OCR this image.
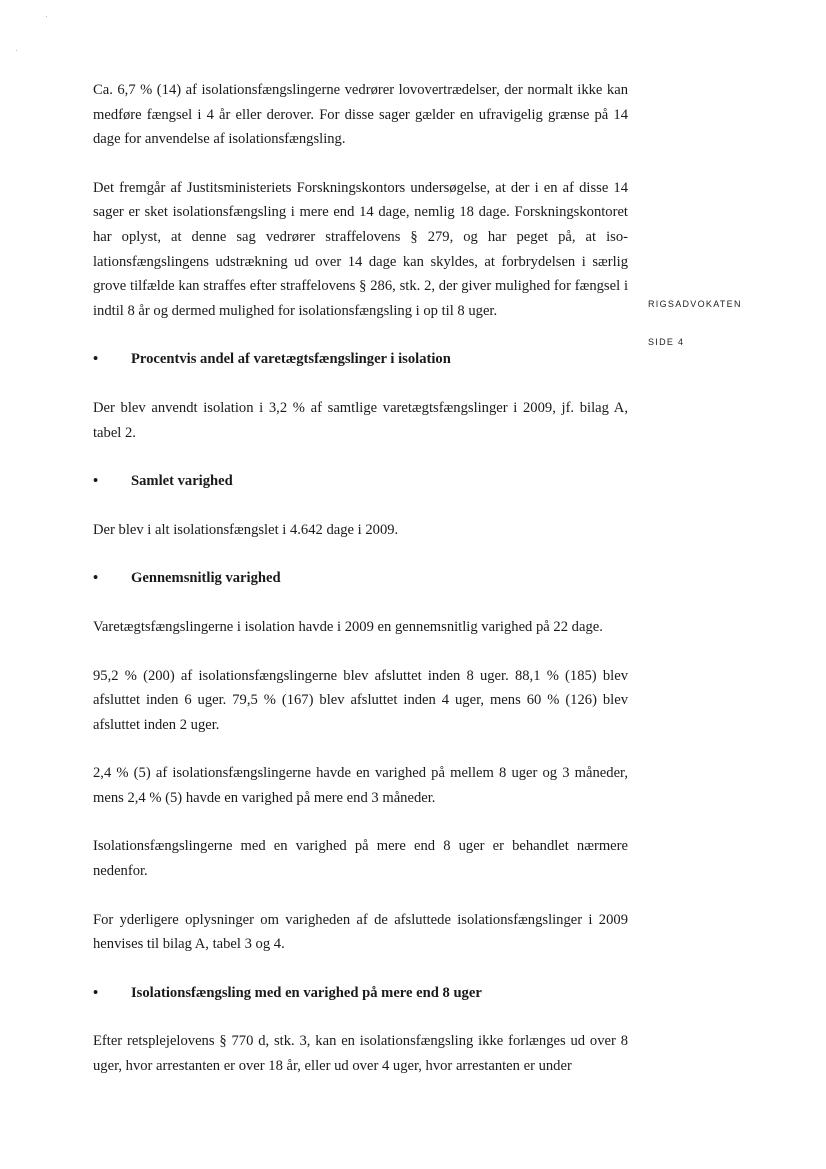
Ca. 6,7 % (14) af isolationsfængslingerne vedrører lovovertrædelser, der normalt ikke kan medføre fængsel i 4 år eller derover. For disse sager gælder en ufravigelig grænse på 14 dage for anvendelse af isolationsfængsling.

Det fremgår af Justitsministeriets Forskningskontors undersøgelse, at der i en af disse 14 sager er sket isolationsfængsling i mere end 14 dage, nemlig 18 dage. Forskningskontoret har oplyst, at denne sag vedrører straffelovens § 279, og har peget på, at isolationsfængslingens udstrækning ud over 14 dage kan skyldes, at forbrydelsen i særlig grove tilfælde kan straffes efter straffelovens § 286, stk. 2, der giver mulighed for fængsel i indtil 8 år og dermed mulighed for isolationsfængsling i op til 8 uger.

•	Procentvis andel af varetægtsfængslinger i isolation

Der blev anvendt isolation i 3,2 % af samtlige varetægtsfængslinger i 2009, jf. bilag A, tabel 2.

•	Samlet varighed

Der blev i alt isolationsfængslet i 4.642 dage i 2009.

•	Gennemsnitlig varighed

Varetægtsfængslingerne i isolation havde i 2009 en gennemsnitlig varighed på 22 dage.

95,2 % (200) af isolationsfængslingerne blev afsluttet inden 8 uger. 88,1 % (185) blev afsluttet inden 6 uger. 79,5 % (167) blev afsluttet inden 4 uger, mens 60 % (126) blev afsluttet inden 2 uger.

2,4 % (5) af isolationsfængslingerne havde en varighed på mellem 8 uger og 3 måneder, mens 2,4 % (5) havde en varighed på mere end 3 måneder.

Isolationsfængslingerne med en varighed på mere end 8 uger er behandlet nærmere nedenfor.

For yderligere oplysninger om varigheden af de afsluttede isolationsfængslinger i 2009 henvises til bilag A, tabel 3 og 4.

•	Isolationsfængsling med en varighed på mere end 8 uger

Efter retsplejelovens § 770 d, stk. 3, kan en isolationsfængsling ikke forlænges ud over 8 uger, hvor arrestanten er over 18 år, eller ud over 4 uger, hvor arrestanten er under

RIGSADVOKATEN
SIDE 4
